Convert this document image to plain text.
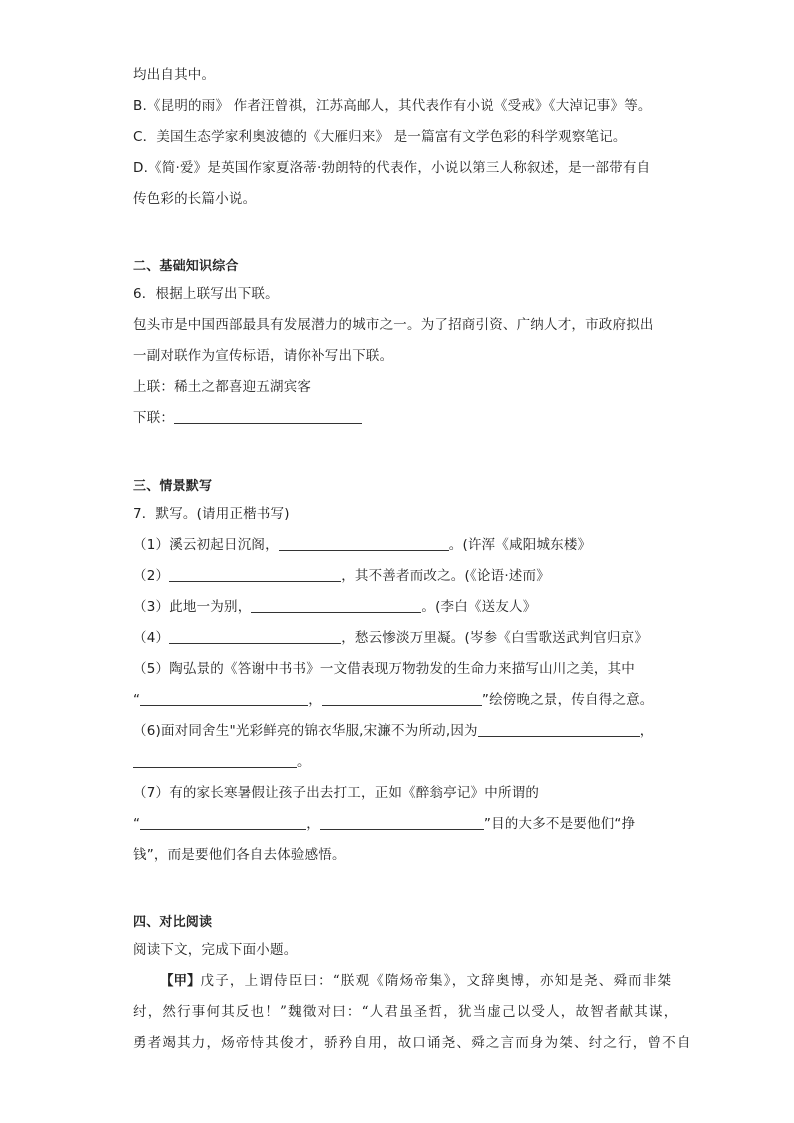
均出自其中。
B.《昆明的雨》 作者汪曾祺，江苏高邮人，其代表作有小说《受戒》《大淖记事》等。
C．美国生态学家利奥波德的《大雁归来》 是一篇富有文学色彩的科学观察笔记。
D.《简·爱》是英国作家夏洛蒂·勃朗特的代表作，小说以第三人称叙述，是一部带有自
传色彩的长篇小说。
二、基础知识综合
6．根据上联写出下联。
包头市是中国西部最具有发展潜力的城市之一。为了招商引资、广纳人才，市政府拟出
一副对联作为宣传标语，请你补写出下联。
上联：稀土之都喜迎五湖宾客
下联：
三、情景默写
7．默写。(请用正楷书写)
（1）溪云初起日沉阁，	。(许浑《咸阳城东楼》
（2）	，其不善者而改之。(《论语·述而》
（3）此地一为别，	。(李白《送友人》
（4）	，愁云惨淡万里凝。(岑参《白雪歌送武判官归京》
（5）陶弘景的《答谢中书书》一文借表现万物勃发的生命力来描写山川之美，其中
“	，	”绘傍晚之景，传自得之意。
（6)面对同舍生"光彩鲜亮的锦衣华服,宋濂不为所动,因为	，
。
（7）有的家长寒暑假让孩子出去打工，正如《醉翁亭记》中所谓的
“	，	”目的大多不是要他们“挣
钱”，而是要他们各自去体验感悟。
四、对比阅读
阅读下文，完成下面小题。
【甲】戊子，上谓侍臣曰：“朕观《隋炀帝集》，文辞奥博，亦知是尧、舜而非桀
纣，然行事何其反也！”魏徵对曰：“人君虽圣哲，犹当虚己以受人，故智者献其谋，
勇者竭其力，炀帝恃其俊才，骄矜自用，故口诵尧、舜之言而身为桀、纣之行，曾不自
